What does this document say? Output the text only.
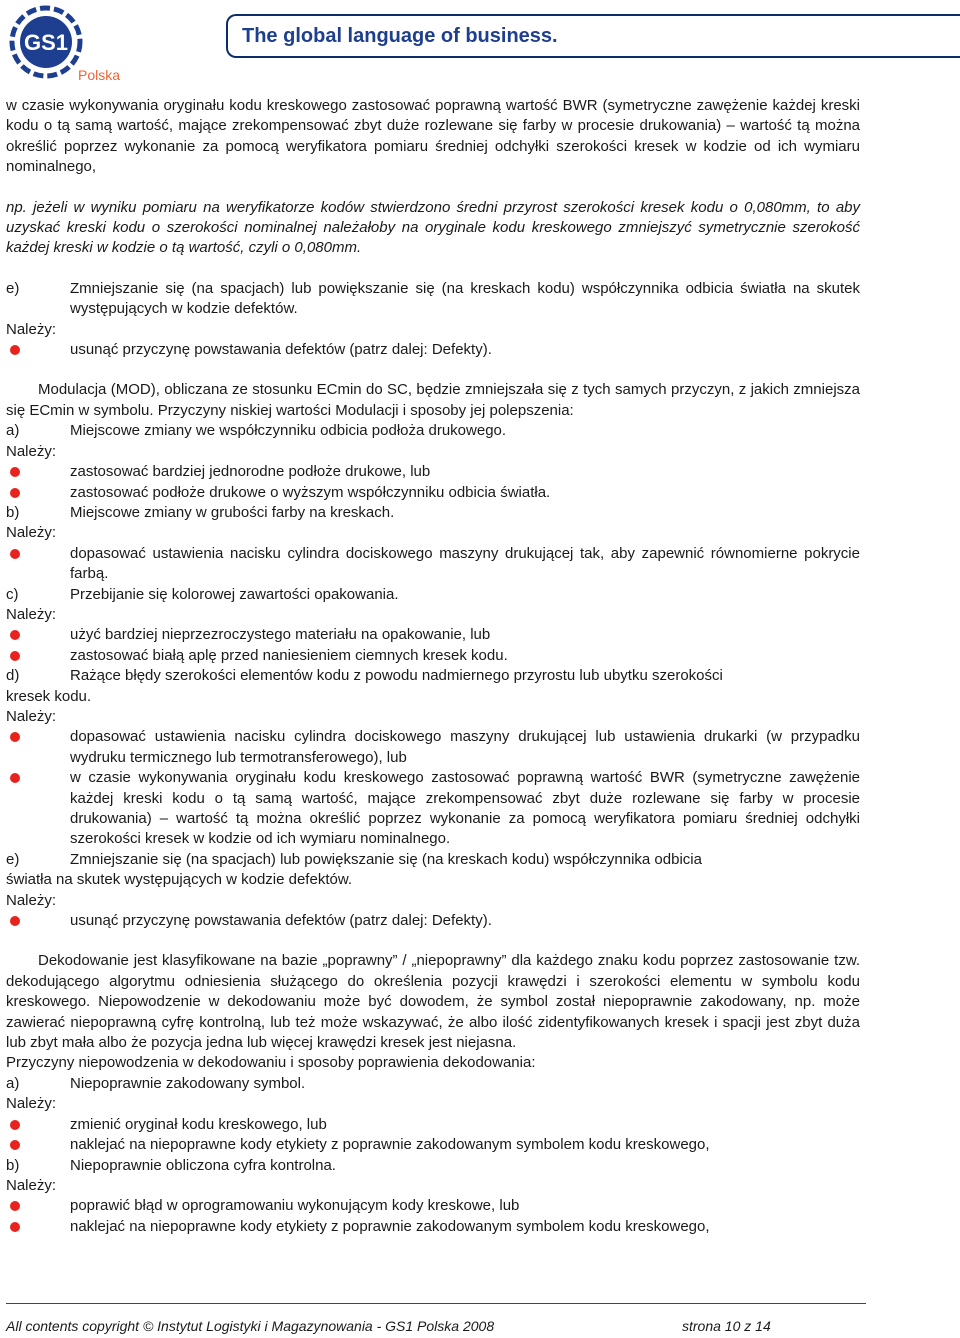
GS1
Polska
The global language of business.

w czasie wykonywania oryginału kodu kreskowego zastosować poprawną wartość BWR (symetryczne zawężenie każdej kreski kodu o tą samą wartość, mające zrekompensować zbyt duże rozlewane się farby w procesie drukowania) – wartość tą można określić poprzez wykonanie za pomocą weryfikatora pomiaru średniej odchyłki szerokości kresek w kodzie od ich wymiaru nominalnego,

np. jeżeli w wyniku pomiaru na weryfikatorze kodów stwierdzono średni przyrost szerokości kresek kodu o 0,080mm, to aby uzyskać kreski kodu o szerokości nominalnej należałoby na oryginale kodu kreskowego zmniejszyć symetrycznie szerokość każdej kreski w kodzie o tą wartość, czyli o 0,080mm.

e)	Zmniejszanie się (na spacjach) lub powiększanie się (na kreskach kodu) współczynnika odbicia światła na skutek występujących w kodzie defektów.

Należy:

usunąć przyczynę powstawania defektów (patrz dalej: Defekty).

Modulacja (MOD), obliczana ze stosunku ECmin do SC, będzie zmniejszała się z tych samych przyczyn, z jakich zmniejsza się ECmin w symbolu. Przyczyny niskiej wartości Modulacji i sposoby jej polepszenia:

a)	Miejscowe zmiany we współczynniku odbicia podłoża drukowego.

Należy:

zastosować bardziej jednorodne podłoże drukowe, lub
zastosować podłoże drukowe o wyższym współczynniku odbicia światła.
b)	Miejscowe zmiany w grubości farby na kreskach.

Należy:

dopasować ustawienia nacisku cylindra dociskowego maszyny drukującej tak, aby zapewnić równomierne pokrycie farbą.
c)	Przebijanie się kolorowej zawartości opakowania.

Należy:

użyć bardziej nieprzezroczystego materiału na opakowanie, lub
zastosować białą aplę przed naniesieniem ciemnych kresek kodu.
d)	Rażące błędy szerokości elementów kodu z powodu nadmiernego przyrostu lub ubytku szerokości

kresek kodu.

Należy:

dopasować ustawienia nacisku cylindra dociskowego maszyny drukującej lub ustawienia drukarki (w przypadku wydruku termicznego lub termotransferowego), lub
w czasie wykonywania oryginału kodu kreskowego zastosować poprawną wartość BWR (symetryczne zawężenie każdej kreski kodu o tą samą wartość, mające zrekompensować zbyt duże rozlewane się farby w procesie drukowania) – wartość tą można określić poprzez wykonanie za pomocą weryfikatora pomiaru średniej odchyłki szerokości kresek w kodzie od ich wymiaru nominalnego.
e)	Zmniejszanie się (na spacjach) lub powiększanie się (na kreskach kodu) współczynnika odbicia

światła na skutek występujących w kodzie defektów.

Należy:

usunąć przyczynę powstawania defektów (patrz dalej: Defekty).

Dekodowanie jest klasyfikowane na bazie „poprawny” / „niepoprawny” dla każdego znaku kodu poprzez zastosowanie tzw. dekodującego algorytmu odniesienia służącego do określenia pozycji krawędzi i szerokości elementu w symbolu kodu kreskowego. Niepowodzenie w dekodowaniu może być dowodem, że symbol został niepoprawnie zakodowany, np. może zawierać niepoprawną cyfrę kontrolną, lub też może wskazywać, że albo ilość zidentyfikowanych kresek i spacji jest zbyt duża lub zbyt mała albo że pozycja jedna lub więcej krawędzi kresek jest niejasna.

Przyczyny niepowodzenia w dekodowaniu i sposoby poprawienia dekodowania:

a)	Niepoprawnie zakodowany symbol.

Należy:

zmienić oryginał kodu kreskowego, lub
naklejać na niepoprawne kody etykiety z poprawnie zakodowanym symbolem kodu kreskowego,
b)	Niepoprawnie obliczona cyfra kontrolna.

Należy:

poprawić błąd w oprogramowaniu wykonującym kody kreskowe, lub
naklejać na niepoprawne kody etykiety z poprawnie zakodowanym symbolem kodu kreskowego,
All contents copyright © Instytut Logistyki i Magazynowania - GS1 Polska 2008	strona 10 z 14
